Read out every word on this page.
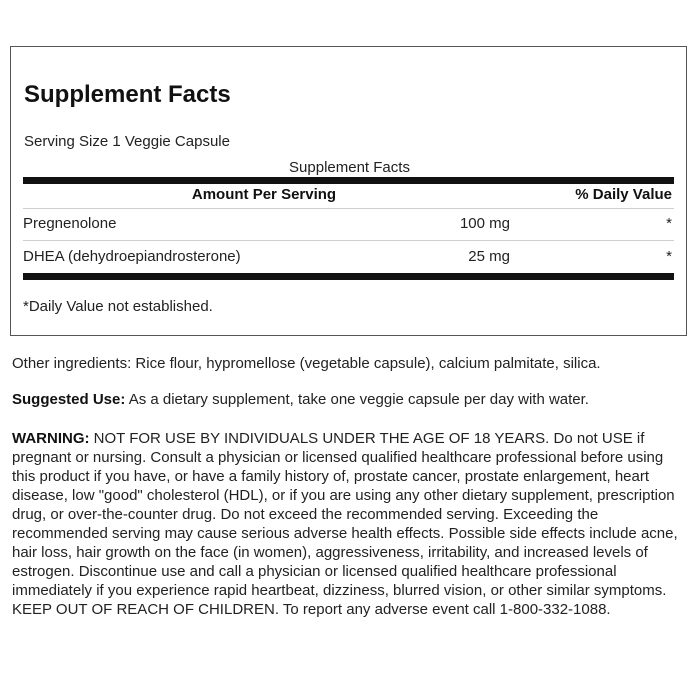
Supplement Facts
Serving Size 1 Veggie Capsule
Supplement Facts
Amount Per Serving	% Daily Value
Pregnenolone	100 mg	*
DHEA (dehydroepiandrosterone)	25 mg	*
*Daily Value not established.
Other ingredients: Rice flour, hypromellose (vegetable capsule), calcium palmitate, silica.
Suggested Use: As a dietary supplement, take one veggie capsule per day with water.
WARNING: NOT FOR USE BY INDIVIDUALS UNDER THE AGE OF 18 YEARS. Do not USE if pregnant or nursing. Consult a physician or licensed qualified healthcare professional before using this product if you have, or have a family history of, prostate cancer, prostate enlargement, heart disease, low "good" cholesterol (HDL), or if you are using any other dietary supplement, prescription drug, or over-the-counter drug. Do not exceed the recommended serving. Exceeding the recommended serving may cause serious adverse health effects. Possible side effects include acne, hair loss, hair growth on the face (in women), aggressiveness, irritability, and increased levels of estrogen. Discontinue use and call a physician or licensed qualified healthcare professional immediately if you experience rapid heartbeat, dizziness, blurred vision, or other similar symptoms. KEEP OUT OF REACH OF CHILDREN. To report any adverse event call 1-800-332-1088.
